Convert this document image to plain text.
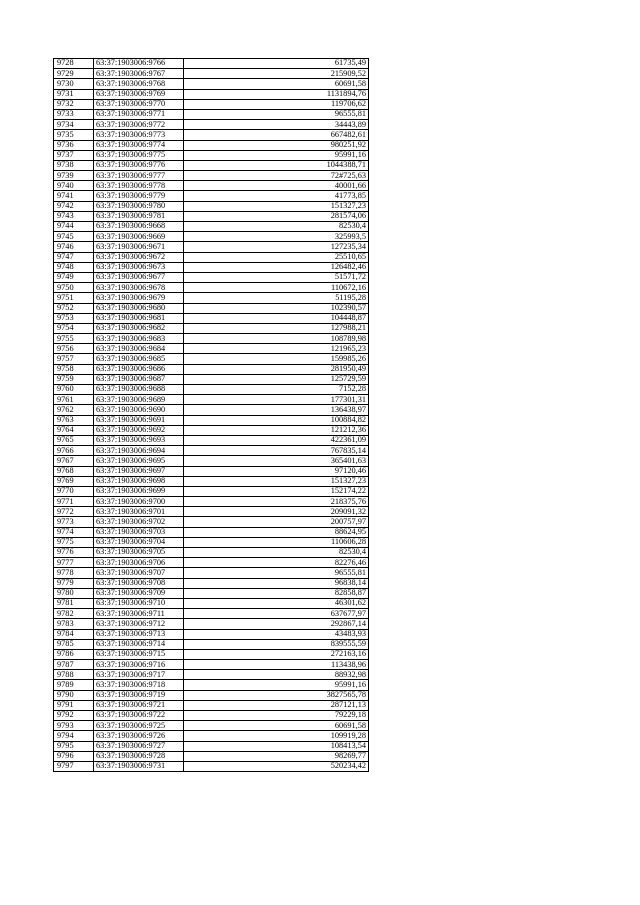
9728	63:37:1903006:9766	61735,49
9729	63:37:1903006:9767	215909,52
9730	63:37:1903006:9768	60691,58
9731	63:37:1903006:9769	1131894,76
9732	63:37:1903006:9770	119706,62
9733	63:37:1903006:9771	96555,81
9734	63:37:1903006:9772	34443,89
9735	63:37:1903006:9773	667482,61
9736	63:37:1903006:9774	980251,92
9737	63:37:1903006:9775	95991,16
9738	63:37:1903006:9776	1044388,71
9739	63:37:1903006:9777	72#725,63
9740	63:37:1903006:9778	40001,66
9741	63:37:1903006:9779	41773,85
9742	63:37:1903006:9780	151327,23
9743	63:37:1903006:9781	281574,06
9744	63:37:1903006:9668	82530,4
9745	63:37:1903006:9669	325993,5
9746	63:37:1903006:9671	127235,34
9747	63:37:1903006:9672	25510,65
9748	63:37:1903006:9673	126482,46
9749	63:37:1903006:9677	51571,72
9750	63:37:1903006:9678	110672,16
9751	63:37:1903006:9679	51195,28
9752	63:37:1903006:9680	102390,57
9753	63:37:1903006:9681	104448,87
9754	63:37:1903006:9682	127988,21
9755	63:37:1903006:9683	108789,98
9756	63:37:1903006:9684	121965,23
9757	63:37:1903006:9685	159985,26
9758	63:37:1903006:9686	281950,49
9759	63:37:1903006:9687	125729,59
9760	63:37:1903006:9688	7152,28
9761	63:37:1903006:9689	177301,31
9762	63:37:1903006:9690	136438,97
9763	63:37:1903006:9691	100884,82
9764	63:37:1903006:9692	121212,36
9765	63:37:1903006:9693	422361,09
9766	63:37:1903006:9694	767835,14
9767	63:37:1903006:9695	365401,63
9768	63:37:1903006:9697	97120,46
9769	63:37:1903006:9698	151327,23
9770	63:37:1903006:9699	152174,22
9771	63:37:1903006:9700	218375,76
9772	63:37:1903006:9701	209091,32
9773	63:37:1903006:9702	200757,97
9774	63:37:1903006:9703	88624,95
9775	63:37:1903006:9704	110606,28
9776	63:37:1903006:9705	82530,4
9777	63:37:1903006:9706	82276,46
9778	63:37:1903006:9707	96555,81
9779	63:37:1903006:9708	96838,14
9780	63:37:1903006:9709	82858,87
9781	63:37:1903006:9710	46301,62
9782	63:37:1903006:9711	637677,97
9783	63:37:1903006:9712	292867,14
9784	63:37:1903006:9713	43483,93
9785	63:37:1903006:9714	839555,59
9786	63:37:1903006:9715	272163,16
9787	63:37:1903006:9716	113438,96
9788	63:37:1903006:9717	88932,98
9789	63:37:1903006:9718	95991,16
9790	63:37:1903006:9719	3827565,78
9791	63:37:1903006:9721	287121,13
9792	63:37:1903006:9722	79229,18
9793	63:37:1903006:9725	60691,58
9794	63:37:1903006:9726	109919,28
9795	63:37:1903006:9727	108413,54
9796	63:37:1903006:9728	98269,77
9797	63:37:1903006:9731	520234,42
